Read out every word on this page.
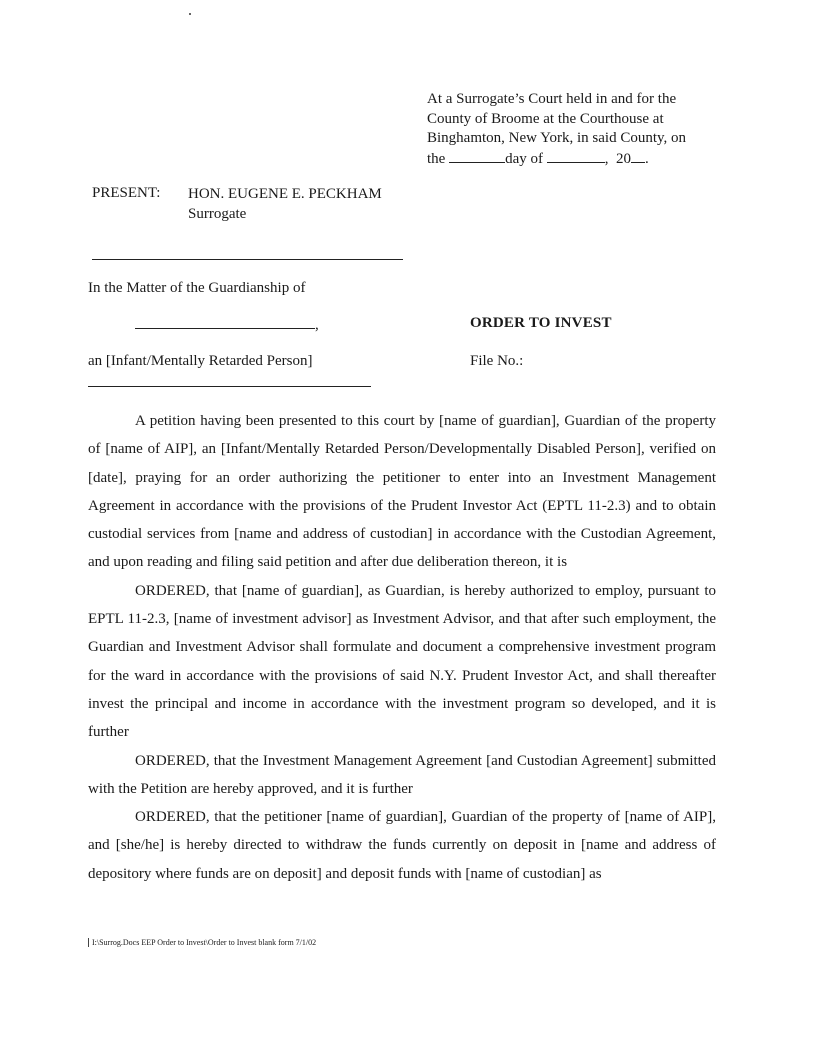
At a Surrogate’s Court held in and for the
County of Broome at the Courthouse at
Binghamton, New York, in said County, on
the	day of	, 20 .
PRESENT: HON. EUGENE E. PECKHAM
Surrogate
In the Matter of the Guardianship of
,	ORDER TO INVEST
an [Infant/Mentally Retarded Person]	File No.:

A petition having been presented to this court by [name of guardian], Guardian of the property of [name of AIP], an [Infant/Mentally Retarded Person/Developmentally Disabled Person], verified on [date], praying for an order authorizing the petitioner to enter into an Investment Management Agreement in accordance with the provisions of the Prudent Investor Act (EPTL 11-2.3) and to obtain custodial services from [name and address of custodian] in accordance with the Custodian Agreement, and upon reading and filing said petition and after due deliberation thereon, it is

ORDERED, that [name of guardian], as Guardian, is hereby authorized to employ, pursuant to EPTL 11-2.3, [name of investment advisor] as Investment Advisor, and that after such employment, the Guardian and Investment Advisor shall formulate and document a comprehensive investment program for the ward in accordance with the provisions of said N.Y. Prudent Investor Act, and shall thereafter invest the principal and income in accordance with the investment program so developed, and it is further

ORDERED, that the Investment Management Agreement [and Custodian Agreement] submitted with the Petition are hereby approved, and it is further

ORDERED, that the petitioner [name of guardian], Guardian of the property of [name of AIP], and [she/he] is hereby directed to withdraw the funds currently on deposit in [name and address of depository where funds are on deposit] and deposit funds with [name of custodian] as

I:\Surrog.Docs EEP Order to Invest\Order to Invest blank form 7/1/02
